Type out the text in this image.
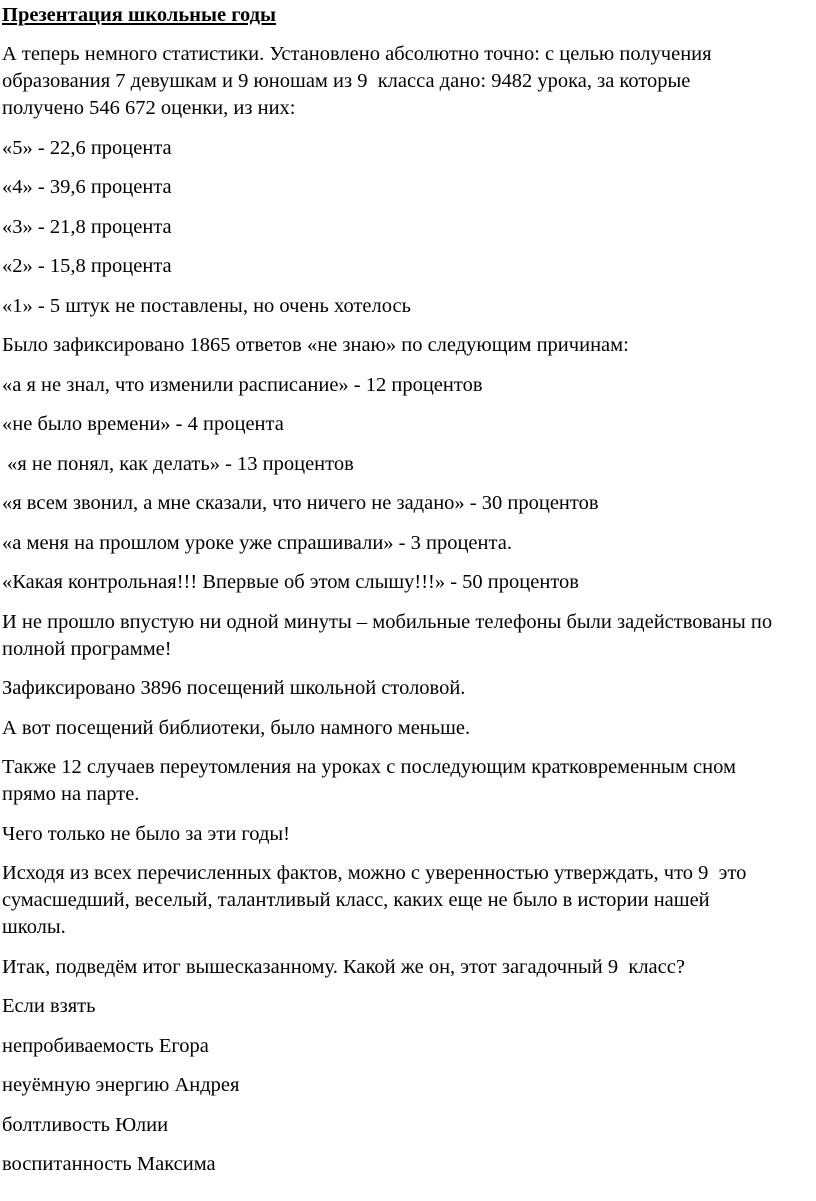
Презентация школьные годы

А теперь немного статистики. Установлено абсолютно точно: с целью получения образования 7 девушкам и 9 юношам из 9  класса дано: 9482 урока, за которые получено 546 672 оценки, из них:

«5» - 22,6 процента

«4» - 39,6 процента

«3» - 21,8 процента

«2» - 15,8 процента

«1» - 5 штук не поставлены, но очень хотелось

Было зафиксировано 1865 ответов «не знаю» по следующим причинам:

«а я не знал, что изменили расписание» - 12 процентов

«не было времени» - 4 процента

«я не понял, как делать» - 13 процентов

«я всем звонил, а мне сказали, что ничего не задано» - 30 процентов

«а меня на прошлом уроке уже спрашивали» - 3 процента.

«Какая контрольная!!! Впервые об этом слышу!!!» - 50 процентов

И не прошло впустую ни одной минуты – мобильные телефоны были задействованы по полной программе!

Зафиксировано 3896 посещений школьной столовой.

А вот посещений библиотеки, было намного меньше.

Также 12 случаев переутомления на уроках с последующим кратковременным сном прямо на парте.

Чего только не было за эти годы!

Исходя из всех перечисленных фактов, можно с уверенностью утверждать, что 9  это сумасшедший, веселый, талантливый класс, каких еще не было в истории нашей школы.

Итак, подведём итог вышесказанному. Какой же он, этот загадочный 9  класс?

Если взять

непробиваемость Егора

неуёмную энергию Андрея

болтливость Юлии

воспитанность Максима
